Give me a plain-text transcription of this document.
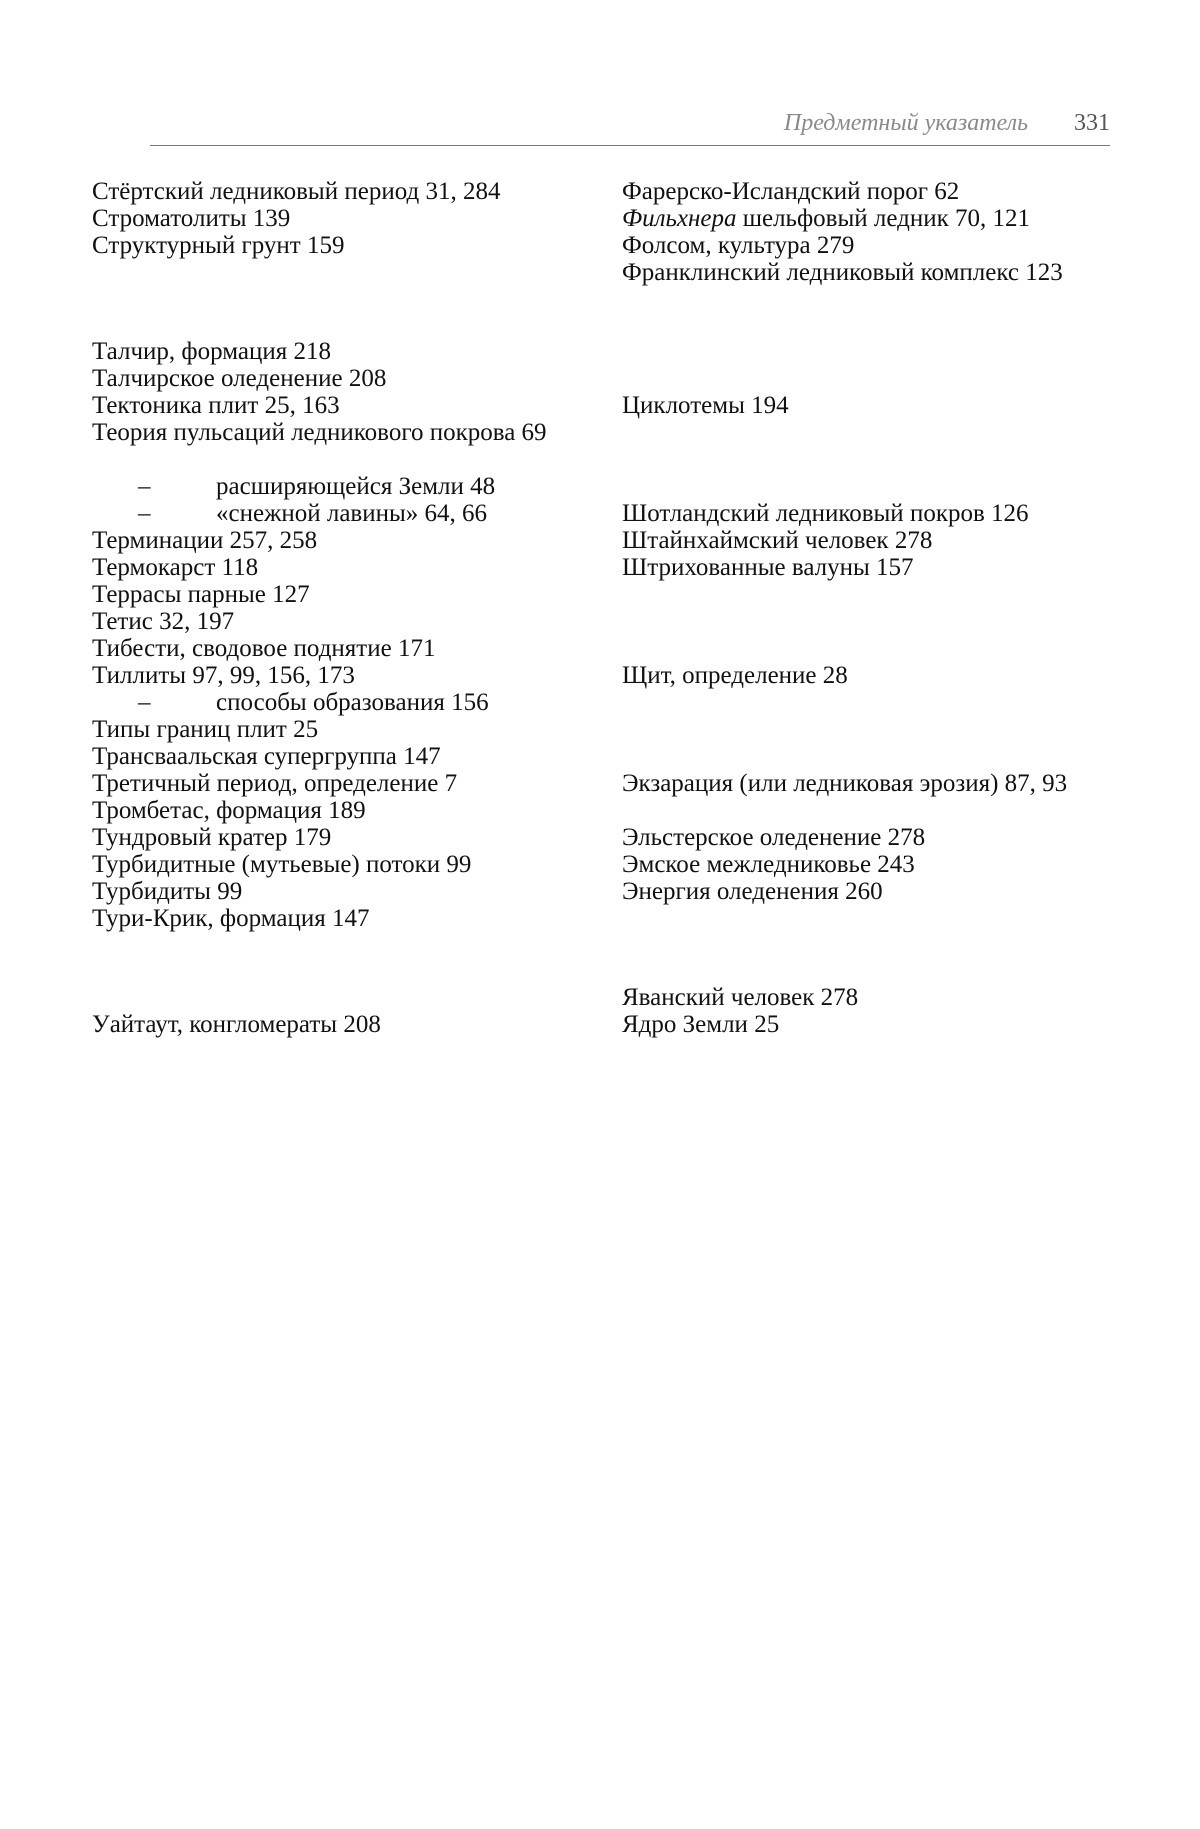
Предметный указатель 331
Стёртский ледниковый период 31, 284
Строматолиты 139
Структурный грунт 159
Талчир, формация 218
Талчирское оледенение 208
Тектоника плит 25, 163
Теория пульсаций ледникового покрова 69
–	расширяющейся Земли 48
–	«снежной лавины» 64, 66
Терминации 257, 258
Термокарст 118
Террасы парные 127
Тетис 32, 197
Тибести, сводовое поднятие 171
Тиллиты 97, 99, 156, 173
–	способы образования 156
Типы границ плит 25
Трансваальская супергруппа 147
Третичный период, определение 7
Тромбетас, формация 189
Тундровый кратер 179
Турбидитные (мутьевые) потоки 99
Турбидиты 99
Тури-Крик, формация 147
Уайтаут, конгломераты 208
Фарерско-Исландский порог 62
Фильхнера шельфовый ледник 70, 121
Фолсом, культура 279
Франклинский ледниковый комплекс 123
Циклотемы 194
Шотландский ледниковый покров 126
Штайнхаймский человек 278
Штрихованные валуны 157
Щит, определение 28
Экзарация (или ледниковая эрозия) 87, 93
Эльстерское оледенение 278
Эмское межледниковье 243
Энергия оледенения 260
Яванский человек 278
Ядро Земли 25
